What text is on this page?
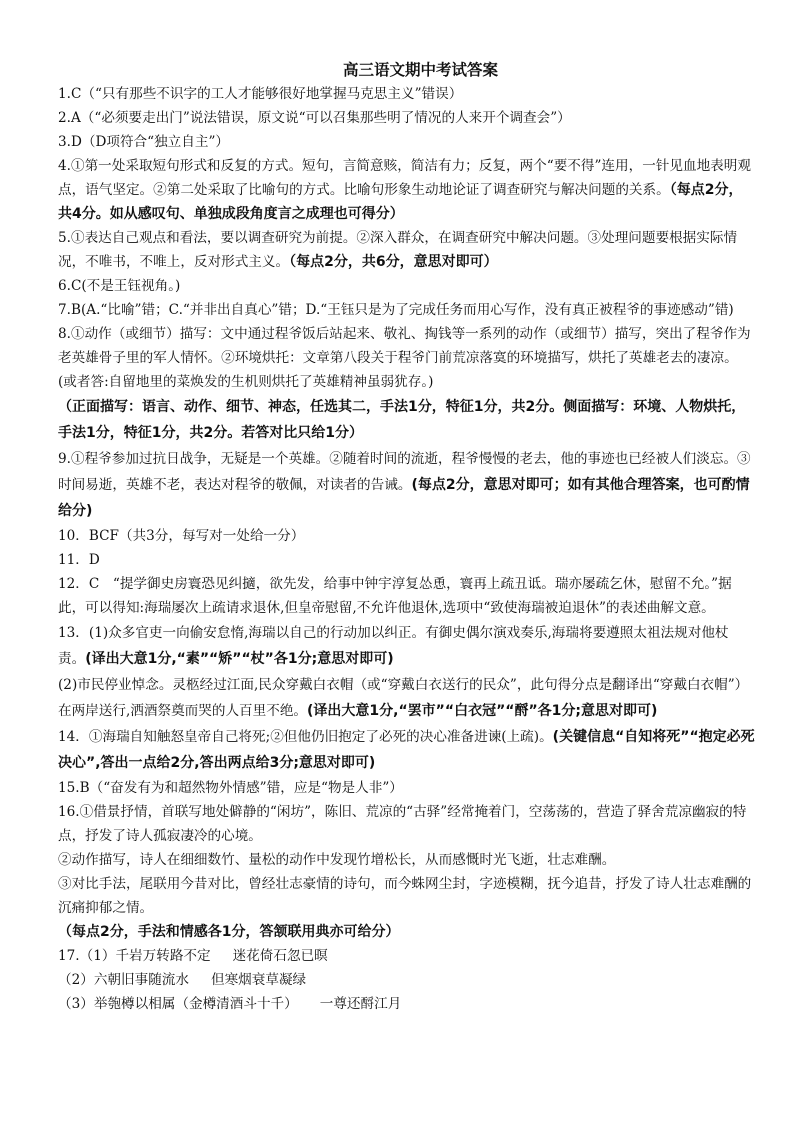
高三语文期中考试答案

1.C（“只有那些不识字的工人才能够很好地掌握马克思主义”错误）

2.A（“必须要走出门”说法错误，原文说“可以召集那些明了情况的人来开个调查会”）

3.D（D项符合“独立自主”）

4.①第一处采取短句形式和反复的方式。短句，言简意赅，简洁有力；反复，两个“要不得”连用，一针见血地表明观点，语气坚定。②第二处采取了比喻句的方式。比喻句形象生动地论证了调查研究与解决问题的关系。（每点2分，共4分。如从感叹句、单独成段角度言之成理也可得分）

5.①表达自己观点和看法，要以调查研究为前提。②深入群众，在调查研究中解决问题。③处理问题要根据实际情况，不唯书，不唯上，反对形式主义。（每点2分，共6分，意思对即可）

6.C(不是王钰视角。)

7.B(A.“比喻”错；C.“并非出自真心”错；D.“王钰只是为了完成任务而用心写作，没有真正被程爷的事迹感动”错)

8.①动作（或细节）描写：文中通过程爷饭后站起来、敬礼、掏钱等一系列的动作（或细节）描写，突出了程爷作为老英雄骨子里的军人情怀。②环境烘托：文章第八段关于程爷门前荒凉落寞的环境描写，烘托了英雄老去的凄凉。(或者答:自留地里的菜焕发的生机则烘托了英雄精神虽弱犹存。)

（正面描写：语言、动作、细节、神态，任选其二，手法1分，特征1分，共2分。侧面描写：环境、人物烘托，手法1分，特征1分，共2分。若答对比只给1分）

9.①程爷参加过抗日战争，无疑是一个英雄。②随着时间的流逝，程爷慢慢的老去，他的事迹也已经被人们淡忘。③时间易逝，英雄不老，表达对程爷的敬佩，对读者的告诫。(每点2分，意思对即可；如有其他合理答案，也可酌情给分)

10．BCF（共3分，每写对一处给一分）

11．D

12．C　“提学御史房寰恐见纠擿，欲先发，给事中钟宇淳复怂恿，寰再上疏丑诋。瑞亦屡疏乞休，慰留不允。”据此，可以得知:海瑞屡次上疏请求退休,但皇帝慰留,不允许他退休,选项中“致使海瑞被迫退休”的表述曲解文意。

13．(1)众多官吏一向偷安怠惰,海瑞以自己的行动加以纠正。有御史偶尔演戏奏乐,海瑞将要遵照太祖法规对他杖责。(译出大意1分,“素”“矫”“杖”各1分;意思对即可)

(2)市民停业悼念。灵柩经过江面,民众穿戴白衣帽（或“穿戴白衣送行的民众”，此句得分点是翻译出“穿戴白衣帽”）在两岸送行,洒酒祭奠而哭的人百里不绝。(译出大意1分,“罢市”“白衣冠”“酹”各1分;意思对即可)

14．①海瑞自知触怒皇帝自己将死;②但他仍旧抱定了必死的决心准备进谏(上疏)。(关键信息“自知将死”“抱定必死决心”,答出一点给2分,答出两点给3分;意思对即可)

15.B（“奋发有为和超然物外情感”错，应是“物是人非”）

16.①借景抒情，首联写地处僻静的“闲坊”，陈旧、荒凉的“古驿”经常掩着门，空荡荡的，营造了驿舍荒凉幽寂的特点，抒发了诗人孤寂凄冷的心境。

②动作描写，诗人在细细数竹、量松的动作中发现竹增松长，从而感慨时光飞逝，壮志难酬。

③对比手法，尾联用今昔对比，曾经壮志豪情的诗句，而今蛛网尘封，字迹模糊，抚今追昔，抒发了诗人壮志难酬的沉痛抑郁之情。

（每点2分，手法和情感各1分，答颔联用典亦可给分）

17.（1）千岩万转路不定 迷花倚石忽已暝
（2）六朝旧事随流水 但寒烟衰草凝绿
（3）举匏樽以相属（金樽清酒斗十千） 一尊还酹江月
